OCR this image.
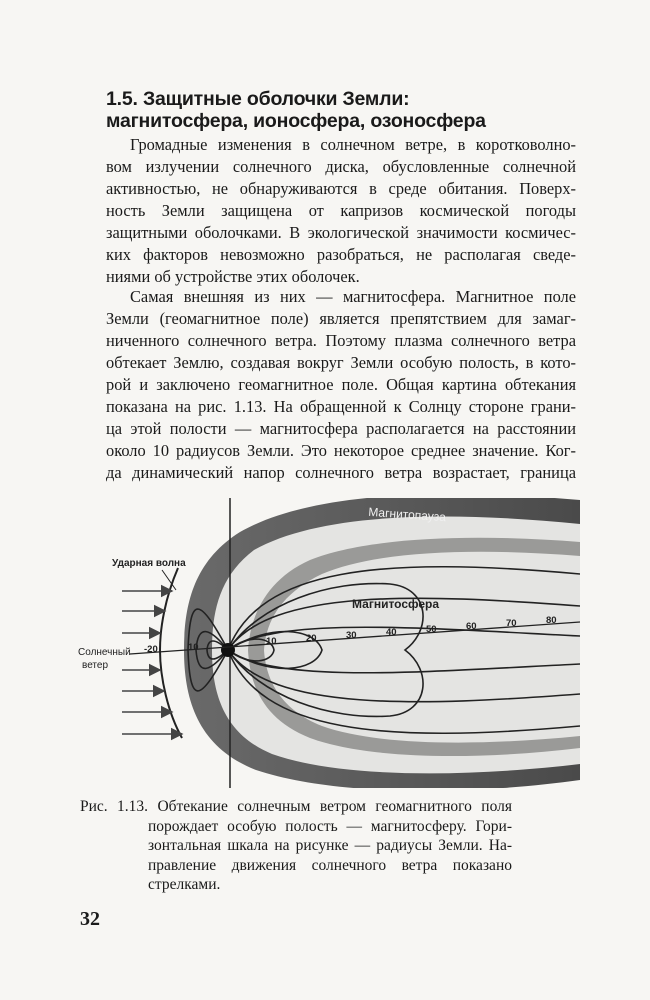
1.5. Защитные оболочки Земли:
магнитосфера, ионосфера, озоносфера
Громадные изменения в солнечном ветре, в коротковолно-
вом излучении солнечного диска, обусловленные солнечной
активностью, не обнаруживаются в среде обитания. Поверх-
ность Земли защищена от капризов космической погоды
защитными оболочками. В экологической значимости космичес-
ких факторов невозможно разобраться, не располагая сведе-
ниями об устройстве этих оболочек.
Самая внешняя из них — магнитосфера. Магнитное поле
Земли (геомагнитное поле) является препятствием для замаг-
ниченного солнечного ветра. Поэтому плазма солнечного ветра
обтекает Землю, создавая вокруг Земли особую полость, в кото-
рой и заключено геомагнитное поле. Общая картина обтекания
показана на рис. 1.13. На обращенной к Солнцу стороне грани-
ца этой полости — магнитосфера располагается на расстоянии
около 10 радиусов Земли. Это некоторое среднее значение. Ког-
да динамический напор солнечного ветра возрастает, граница
Магнитопауза
Ударная волна
Магнитосфера
Солнечный
ветер
-20	10
10	20	30	40	50	60	70	80
Рис. 1.13. Обтекание солнечным ветром геомагнитного поля
порождает особую полость — магнитосферу. Гори-
зонтальная шкала на рисунке — радиусы Земли. На-
правление движения солнечного ветра показано
стрелками.
32
